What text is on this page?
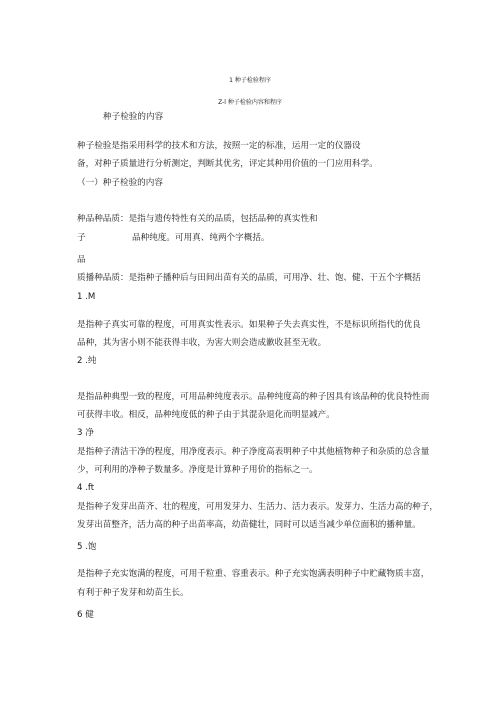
1 种子检验程序
Z-l 种子检验内容和程序
种子检验的内容
种子检验是指采用科学的技术和方法，按照一定的标准，运用一定的仪器设
备，对种子质量进行分析测定，判断其优劣，评定其种用价值的一门应用科学。
（一）种子检验的内容
种品种品质：是指与遗传特性有关的品质，包括品种的真实性和
子	品种纯度。可用真、纯两个字概括。
品
质播种品质：是指种子播种后与田间出苗有关的品质，可用净、壮、饱、健、干五个字概括
1 .M
是指种子真实可靠的程度，可用真实性表示。如果种子失去真实性，不是标识所指代的优良
品种，其为害小则不能获得丰收，为害大则会造成歉收甚至无收。
2 .纯
是指品种典型一致的程度，可用品种纯度表示。品种纯度高的种子因具有该品种的优良特性而
可获得丰收。相反，品种纯度低的种子由于其混杂退化而明显减产。
3 净
是指种子清洁干净的程度，用净度表示。种子净度高表明种子中其他植物种子和杂质的总含量
少，可利用的净种子数量多。净度是计算种子用价的指标之一。
4 .ft
是指种子发芽出苗齐、壮的程度，可用发芽力、生活力、活力表示。发芽力、生活力高的种子，
发芽出苗整齐，活力高的种子出苗率高，幼苗健壮，同时可以适当减少单位面积的播种量。
5 .饱
是指种子充实饱满的程度，可用千粒重、容重表示。种子充实饱满表明种子中贮藏物质丰富，
有利于种子发芽和幼苗生长。
6 健
